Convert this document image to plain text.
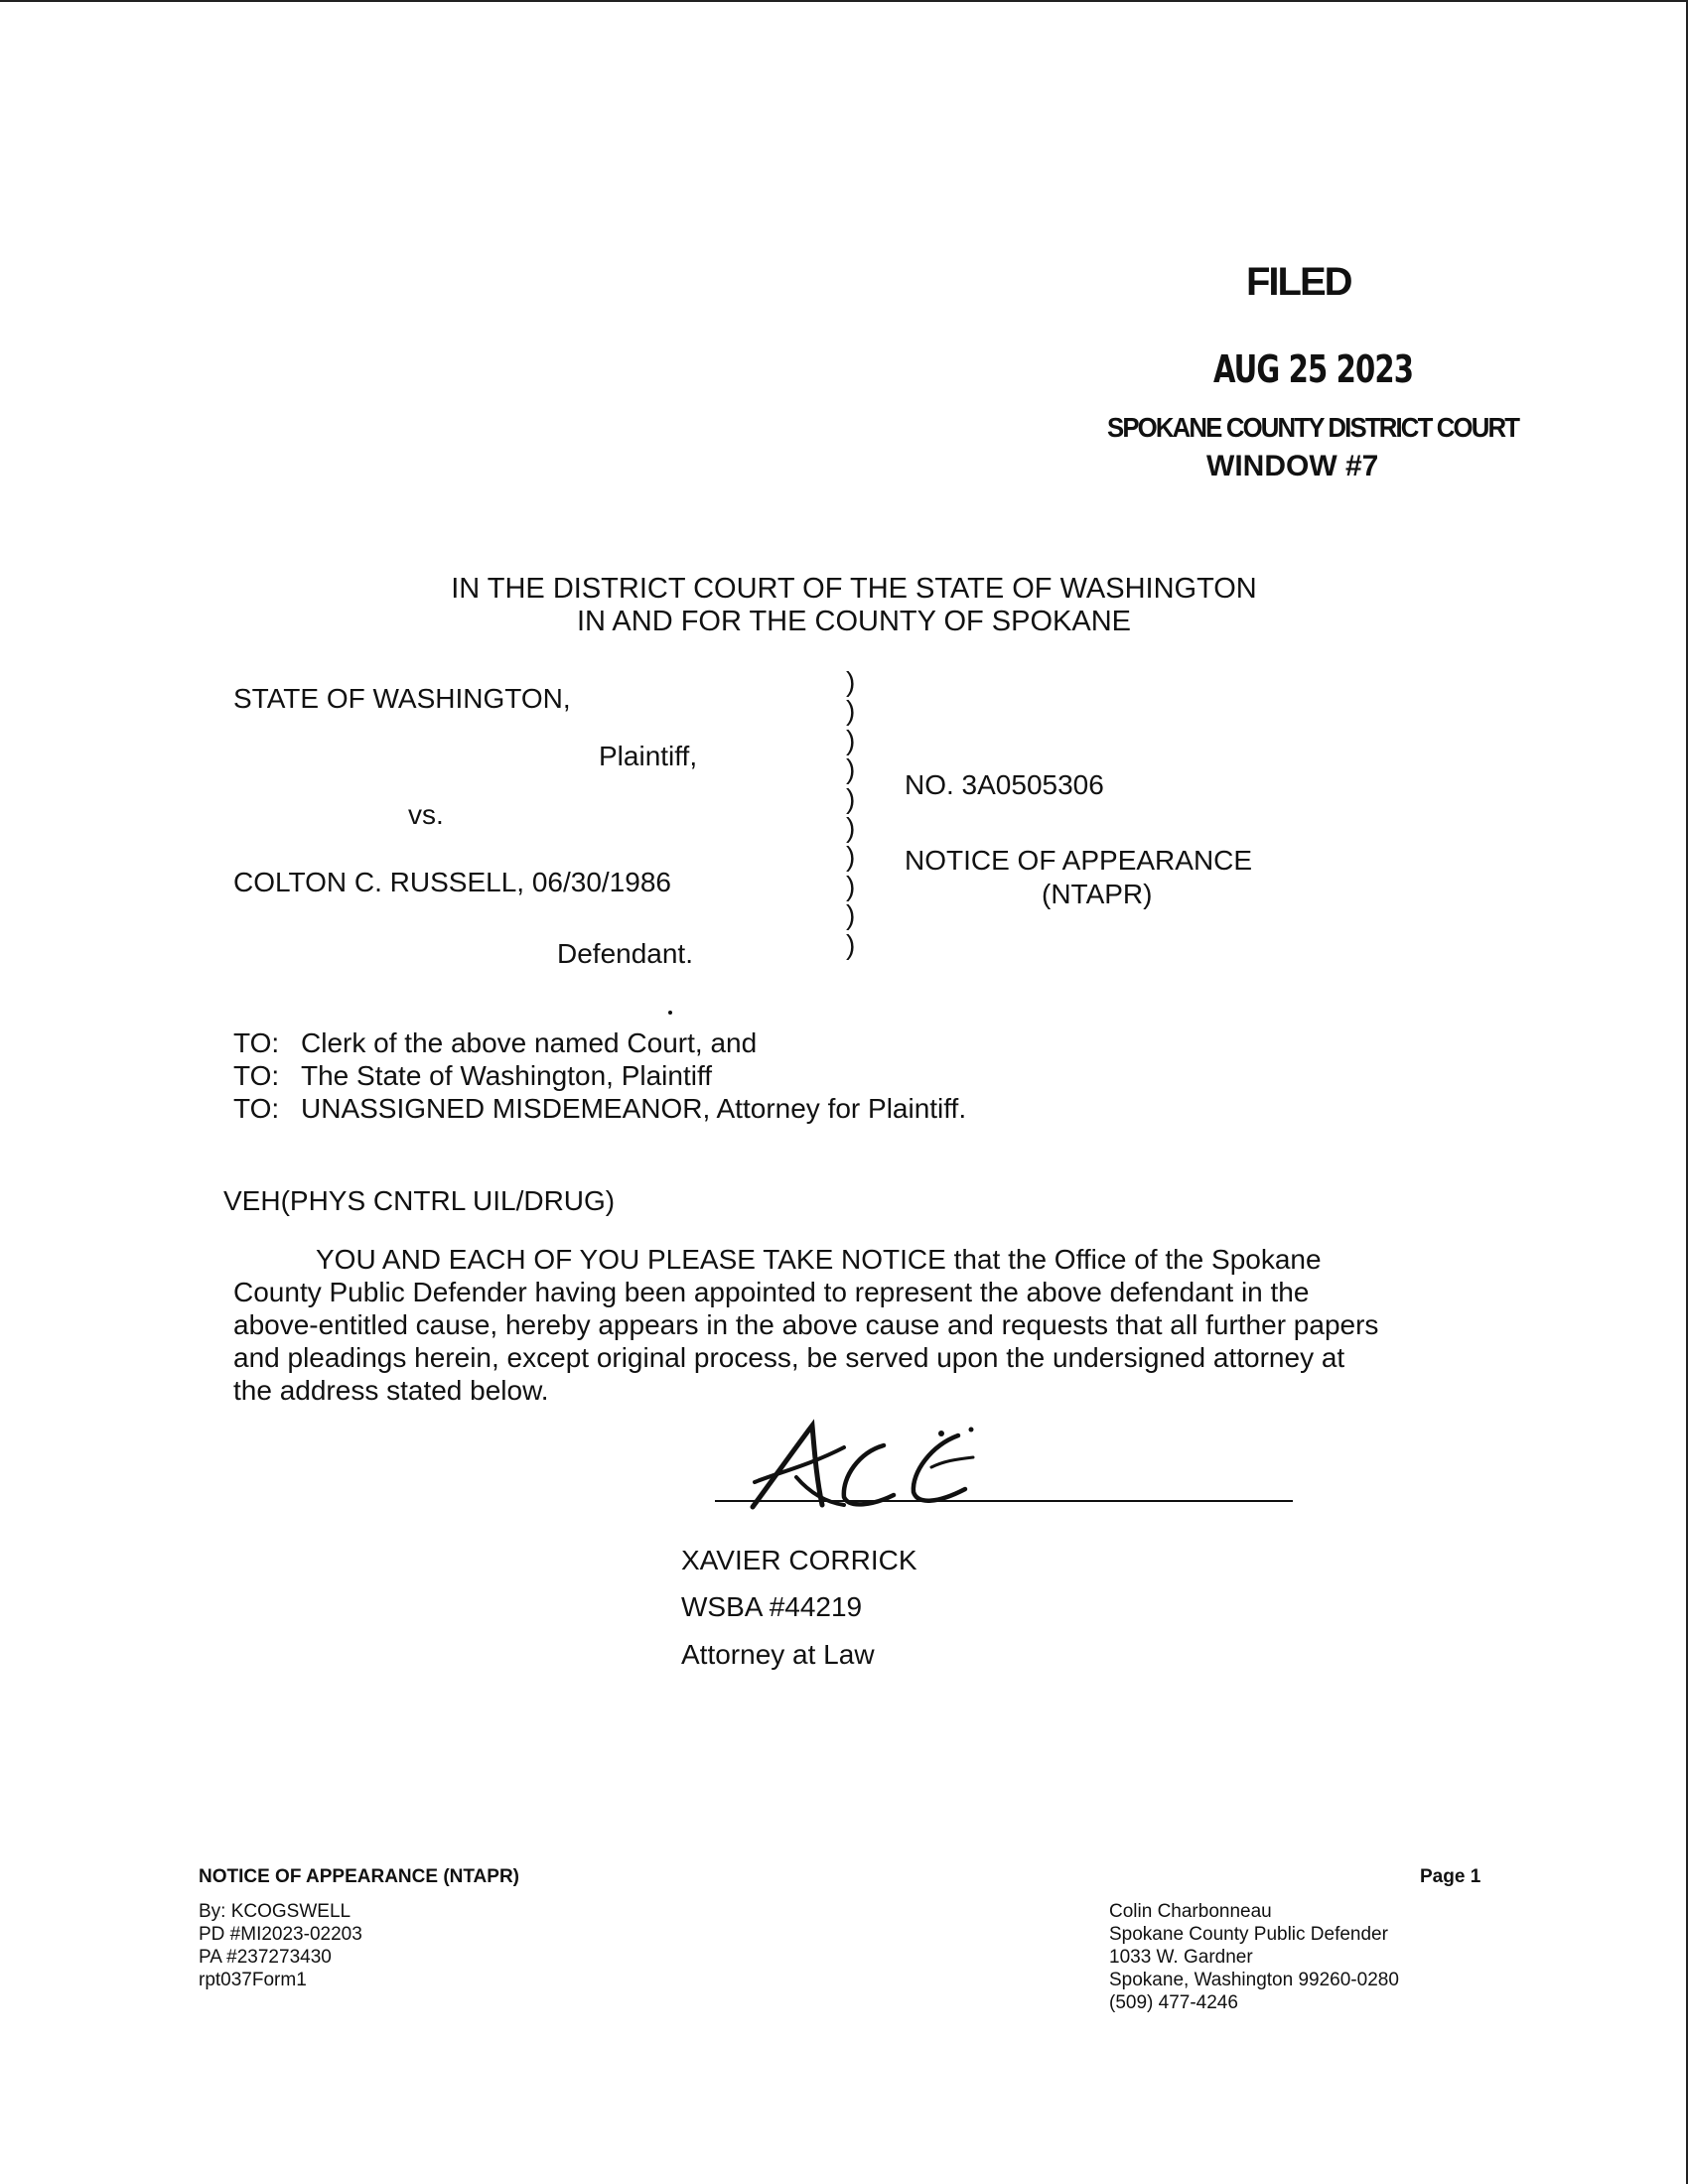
FILED
AUG 25 2023
SPOKANE COUNTY DISTRICT COURT
WINDOW #7
IN THE DISTRICT COURT OF THE STATE OF WASHINGTON
IN AND FOR THE COUNTY OF SPOKANE
STATE OF WASHINGTON,
Plaintiff,
vs.
COLTON C. RUSSELL, 06/30/1986
Defendant.
)
)
)
)
)
)
)
)
)
)
NO. 3A0505306
NOTICE OF APPEARANCE
(NTAPR)
TO: Clerk of the above named Court, and
TO: The State of Washington, Plaintiff
TO: UNASSIGNED MISDEMEANOR, Attorney for Plaintiff.
VEH(PHYS CNTRL UIL/DRUG)
YOU AND EACH OF YOU PLEASE TAKE NOTICE that the Office of the Spokane
County Public Defender having been appointed to represent the above defendant in the
above-entitled cause, hereby appears in the above cause and requests that all further papers
and pleadings herein, except original process, be served upon the undersigned attorney at
the address stated below.
XAVIER CORRICK
WSBA #44219
Attorney at Law
NOTICE OF APPEARANCE (NTAPR)	Page 1
By: KCOGSWELL
PD #MI2023-02203
PA #237273430
rpt037Form1
Colin Charbonneau
Spokane County Public Defender
1033 W. Gardner
Spokane, Washington 99260-0280
(509) 477-4246
